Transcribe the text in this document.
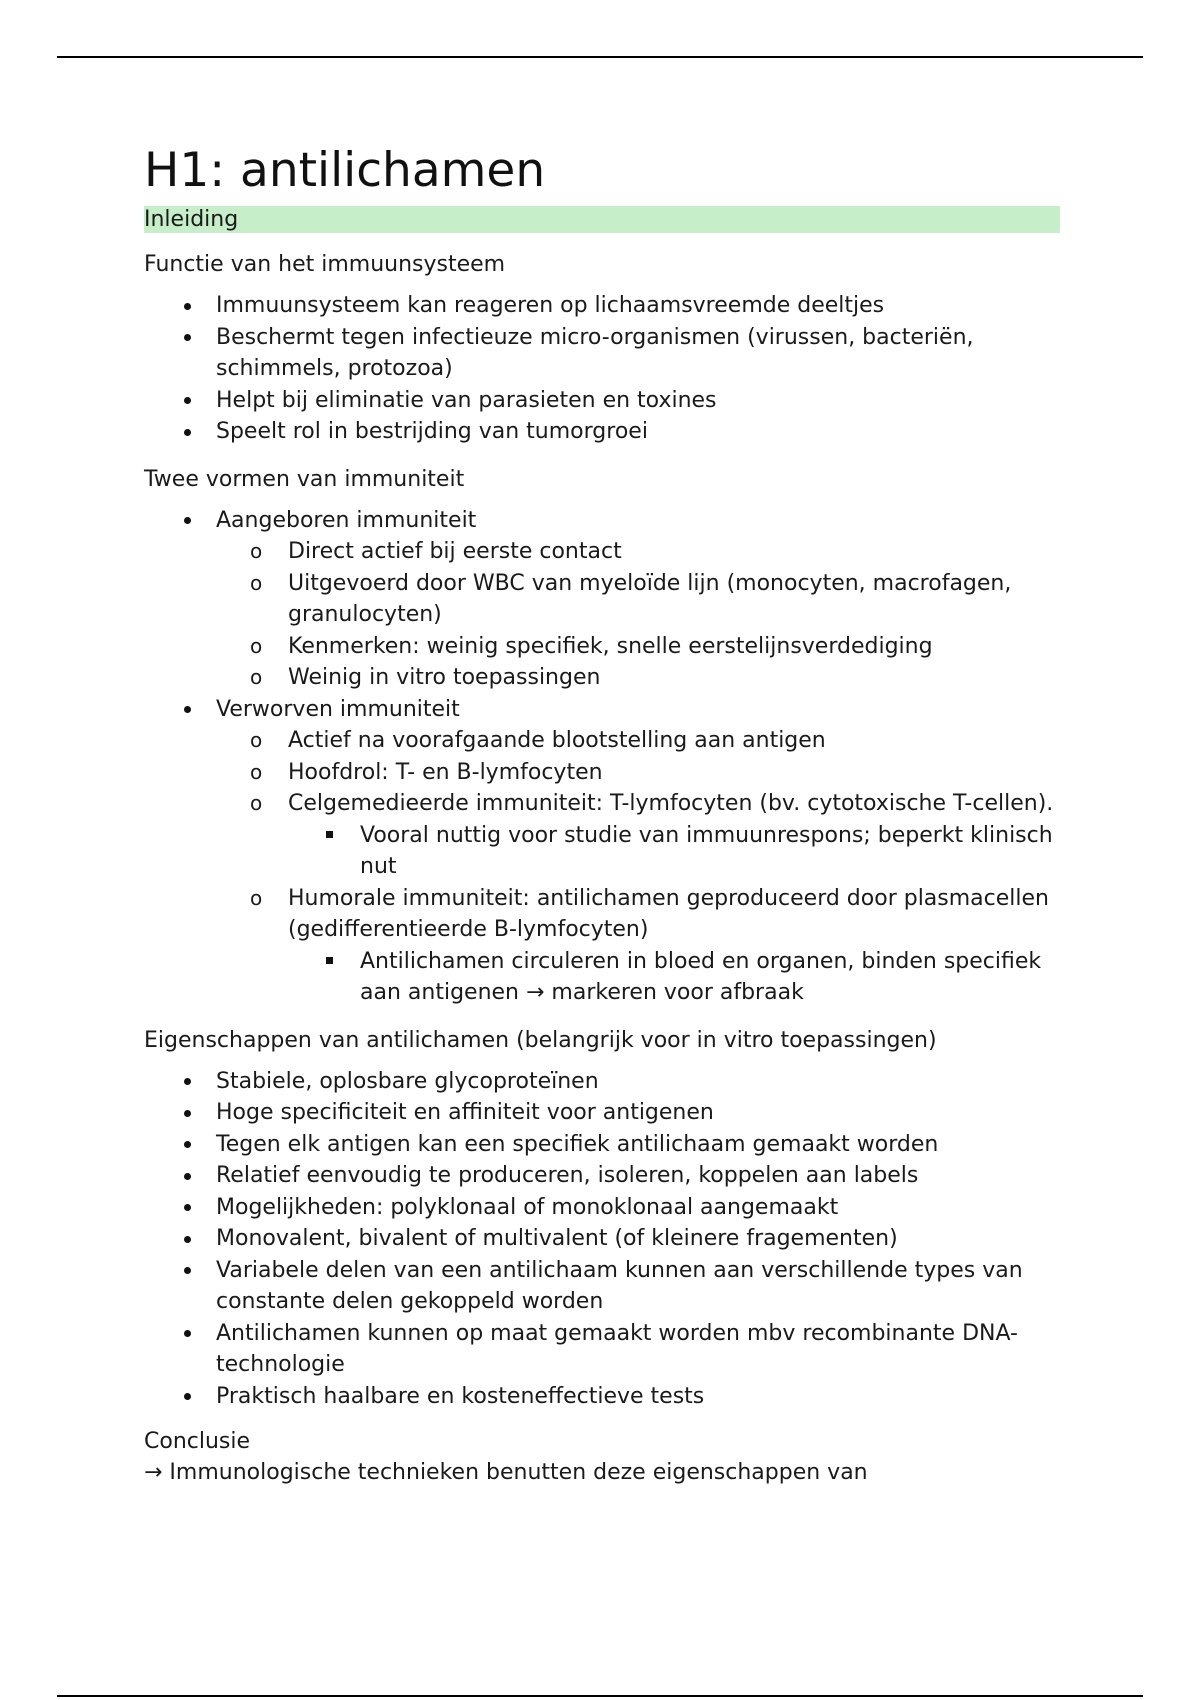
H1: antilichamen
Inleiding
Functie van het immuunsysteem
Immuunsysteem kan reageren op lichaamsvreemde deeltjes
Beschermt tegen infectieuze micro-organismen (virussen, bacteriën, schimmels, protozoa)
Helpt bij eliminatie van parasieten en toxines
Speelt rol in bestrijding van tumorgroei
Twee vormen van immuniteit
Aangeboren immuniteit
o	Direct actief bij eerste contact
o	Uitgevoerd door WBC van myeloïde lijn (monocyten, macrofagen, granulocyten)
o	Kenmerken: weinig specifiek, snelle eerstelijnsverdediging
o	Weinig in vitro toepassingen
Verworven immuniteit
o	Actief na voorafgaande blootstelling aan antigen
o	Hoofdrol: T- en B-lymfocyten
o	Celgemedieerde immuniteit: T-lymfocyten (bv. cytotoxische T-cellen).
Vooral nuttig voor studie van immuunrespons; beperkt klinisch nut
o	Humorale immuniteit: antilichamen geproduceerd door plasmacellen (gedifferentieerde B-lymfocyten)
Antilichamen circuleren in bloed en organen, binden specifiek aan antigenen → markeren voor afbraak
Eigenschappen van antilichamen (belangrijk voor in vitro toepassingen)
Stabiele, oplosbare glycoproteïnen
Hoge specificiteit en affiniteit voor antigenen
Tegen elk antigen kan een specifiek antilichaam gemaakt worden
Relatief eenvoudig te produceren, isoleren, koppelen aan labels
Mogelijkheden: polyklonaal of monoklonaal aangemaakt
Monovalent, bivalent of multivalent (of kleinere fragementen)
Variabele delen van een antilichaam kunnen aan verschillende types van constante delen gekoppeld worden
Antilichamen kunnen op maat gemaakt worden mbv recombinante DNA-technologie
Praktisch haalbare en kosteneffectieve tests
Conclusie
→ Immunologische technieken benutten deze eigenschappen van
